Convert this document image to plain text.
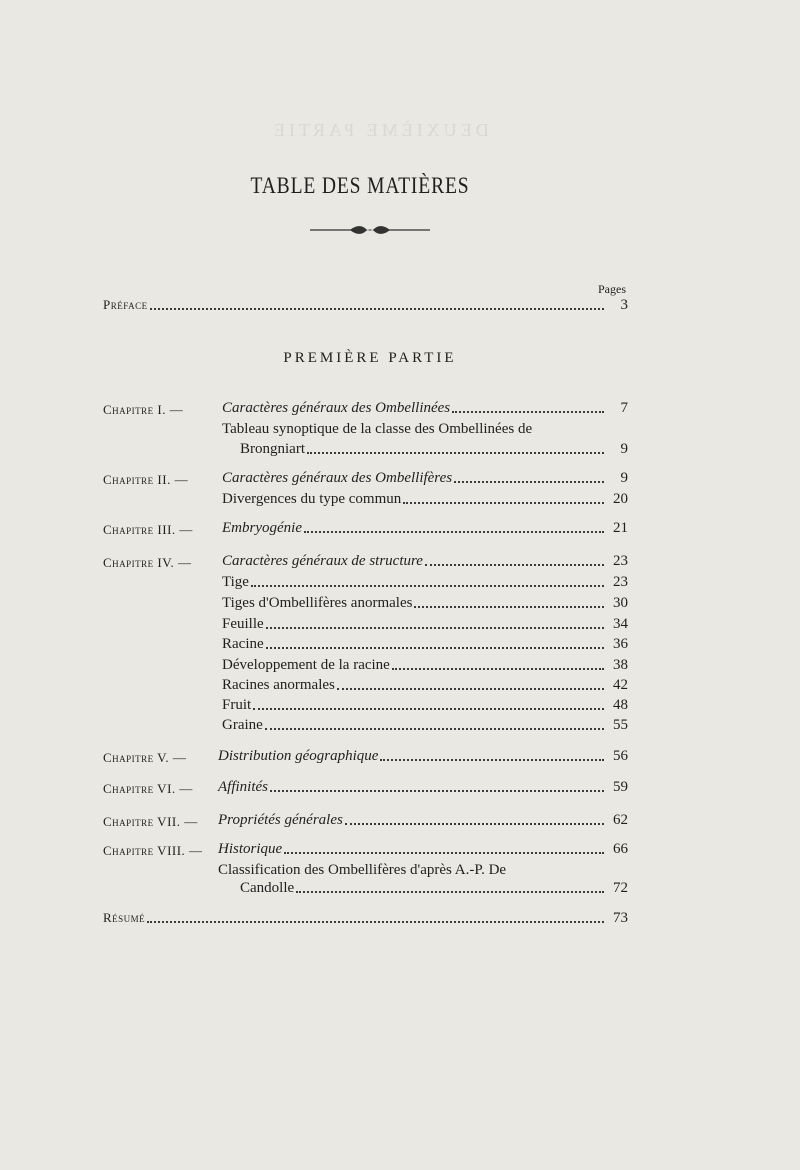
DEUXIÈME PARTIE
TABLE DES MATIÈRES
Pages
Préface	3
PREMIÈRE PARTIE
Chapitre I. —	Caractères généraux des Ombellinées	7
Tableau synoptique de la classe des Ombellinées de
Brongniart	9
Chapitre II. — Caractères généraux des Ombellifères	9
Divergences du type commun	20
Chapitre III. — Embryogénie	21
Chapitre IV. — Caractères généraux de structure	23
Tige	23
Tiges d'Ombellifères anormales	30
Feuille	34
Racine	36
Développement de la racine	38
Racines anormales	42
Fruit	48
Graine	55
Chapitre V. — Distribution géographique	56
Chapitre VI. — Affinités	59
Chapitre VII. — Propriétés générales	62
Chapitre VIII. — Historique	66
Classification des Ombellifères d'après A.-P. De
Candolle	72
Résumé	73
